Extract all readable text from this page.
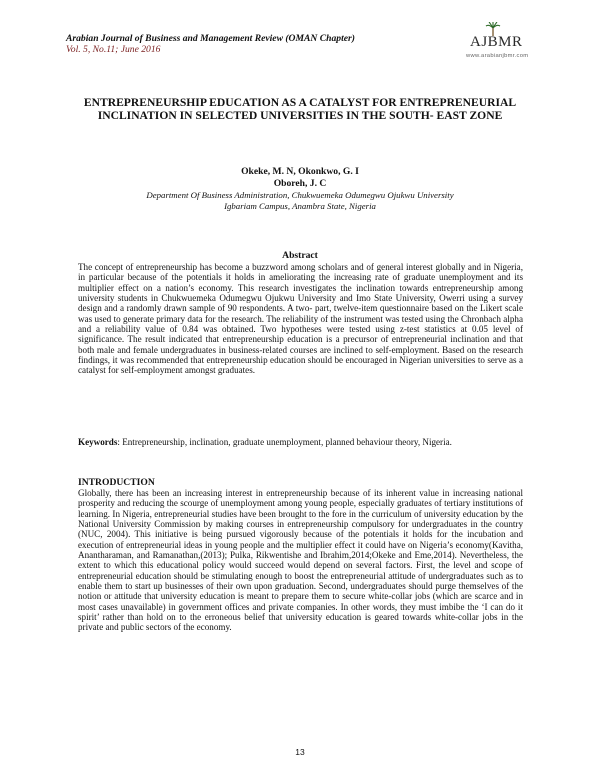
Arabian Journal of Business and Management Review (OMAN Chapter)
Vol. 5, No.11; June 2016	AJBMR
www.arabianjbmr.com
ENTREPRENEURSHIP EDUCATION AS A CATALYST FOR ENTREPRENEURIAL INCLINATION IN SELECTED UNIVERSITIES IN THE SOUTH- EAST ZONE
Okeke, M. N, Okonkwo, G. I
Oboreh, J. C
Department Of Business Administration, Chukwuemeka Odumegwu Ojukwu University
Igbariam Campus, Anambra State, Nigeria
Abstract
The concept of entrepreneurship has become a buzzword among scholars and of general interest globally and in Nigeria, in particular because of the potentials it holds in ameliorating the increasing rate of graduate unemployment and its multiplier effect on a nation’s economy. This research investigates the inclination towards entrepreneurship among university students in Chukwuemeka Odumegwu Ojukwu University and Imo State University, Owerri using a survey design and a randomly drawn sample of 90 respondents. A two- part, twelve-item questionnaire based on the Likert scale was used to generate primary data for the research. The reliability of the instrument was tested using the Chronbach alpha and a reliability value of 0.84 was obtained. Two hypotheses were tested using z-test statistics at 0.05 level of significance. The result indicated that entrepreneurship education is a precursor of entrepreneurial inclination and that both male and female undergraduates in business-related courses are inclined to self-employment. Based on the research findings, it was recommended that entrepreneurship education should be encouraged in Nigerian universities to serve as a catalyst for self-employment amongst graduates.
Keywords: Entrepreneurship, inclination, graduate unemployment, planned behaviour theory, Nigeria.
INTRODUCTION
Globally, there has been an increasing interest in entrepreneurship because of its inherent value in increasing national prosperity and reducing the scourge of unemployment among young people, especially graduates of tertiary institutions of learning. In Nigeria, entrepreneurial studies have been brought to the fore in the curriculum of university education by the National University Commission by making courses in entrepreneurship compulsory for undergraduates in the country (NUC, 2004). This initiative is being pursued vigorously because of the potentials it holds for the incubation and execution of entrepreneurial ideas in young people and the multiplier effect it could have on Nigeria’s economy(Kavitha, Anantharaman, and Ramanathan,(2013); Pulka, Rikwentishe and Ibrahim,2014;Okeke and Eme,2014). Nevertheless, the extent to which this educational policy would succeed would depend on several factors. First, the level and scope of entrepreneurial education should be stimulating enough to boost the entrepreneurial attitude of undergraduates such as to enable them to start up businesses of their own upon graduation. Second, undergraduates should purge themselves of the notion or attitude that university education is meant to prepare them to secure white-collar jobs (which are scarce and in most cases unavailable) in government offices and private companies. In other words, they must imbibe the ‘I can do it spirit’ rather than hold on to the erroneous belief that university education is geared towards white-collar jobs in the private and public sectors of the economy.
13
